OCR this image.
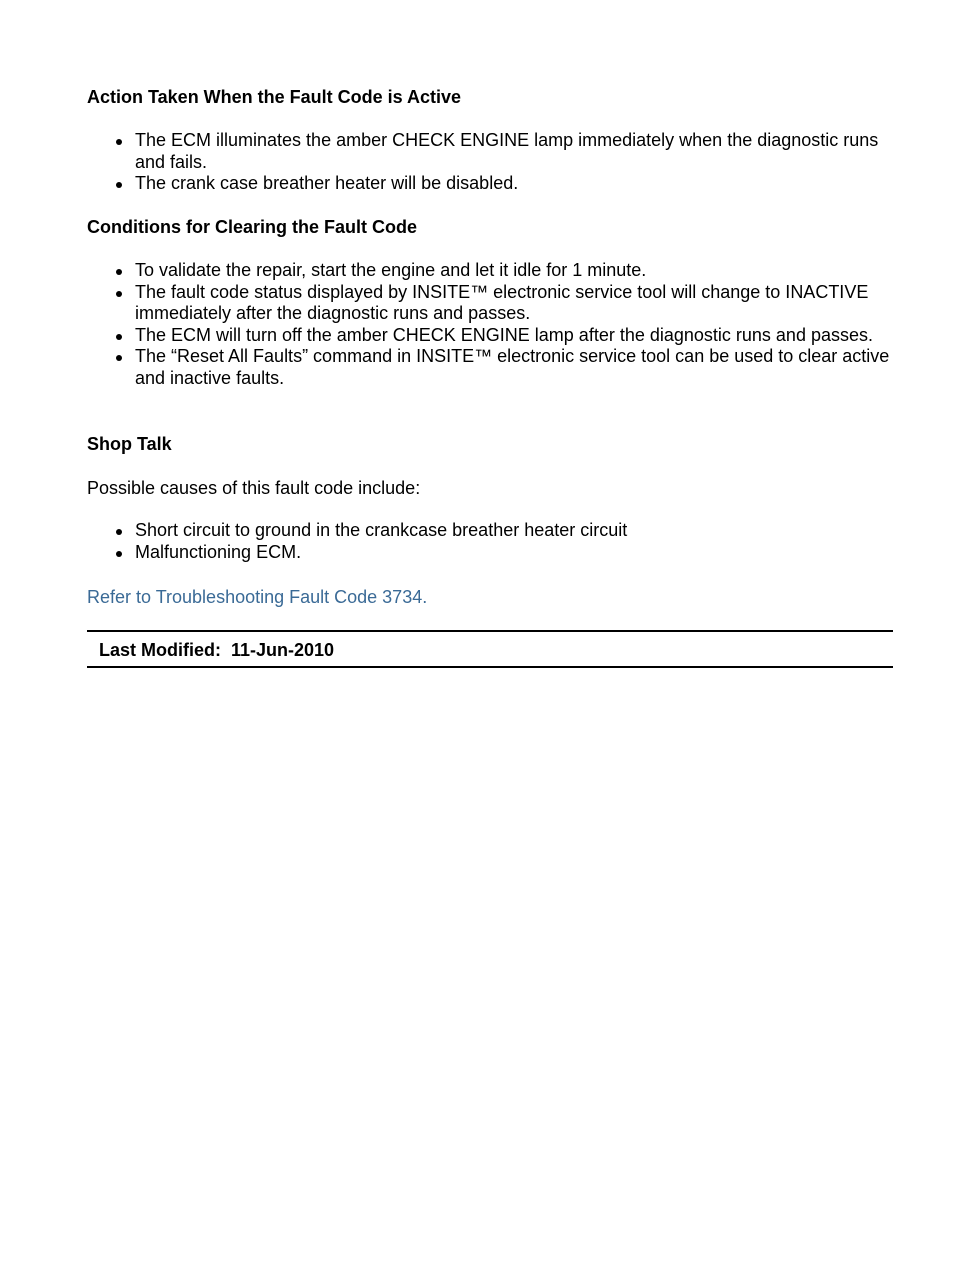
Action Taken When the Fault Code is Active
The ECM illuminates the amber CHECK ENGINE lamp immediately when the diagnostic runs and fails.
The crank case breather heater will be disabled.
Conditions for Clearing the Fault Code
To validate the repair, start the engine and let it idle for 1 minute.
The fault code status displayed by INSITE™ electronic service tool will change to INACTIVE immediately after the diagnostic runs and passes.
The ECM will turn off the amber CHECK ENGINE lamp after the diagnostic runs and passes.
The “Reset All Faults” command in INSITE™ electronic service tool can be used to clear active and inactive faults.
Shop Talk

Possible causes of this fault code include:

Short circuit to ground in the crankcase breather heater circuit
Malfunctioning ECM.
Refer to Troubleshooting Fault Code 3734.
Last Modified:  11-Jun-2010
